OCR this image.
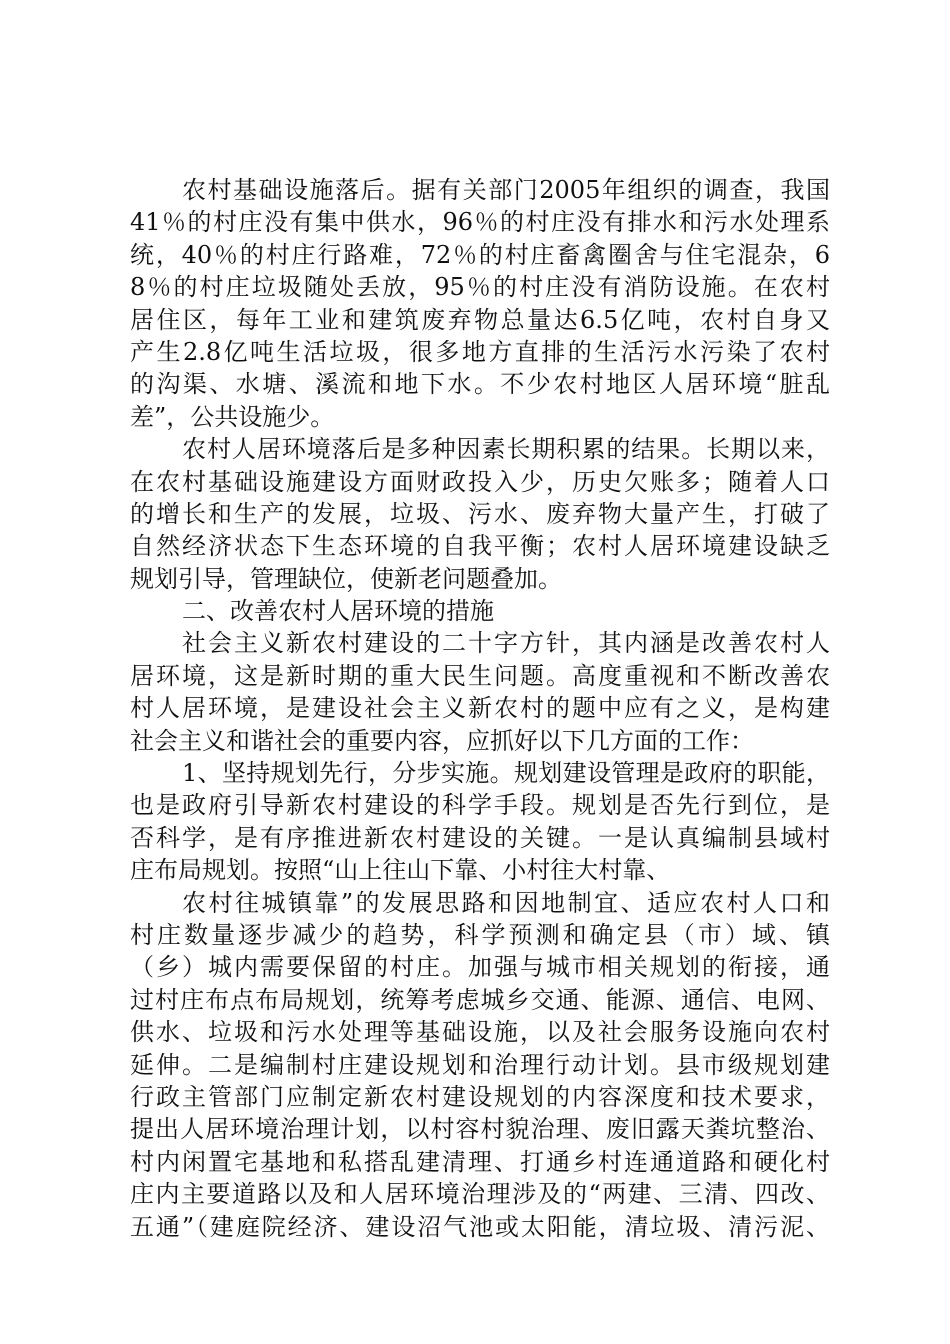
农村基础设施落后。据有关部门2005年组织的调查，我国
41％的村庄没有集中供水，96％的村庄没有排水和污水处理系
统，40％的村庄行路难，72％的村庄畜禽圈舍与住宅混杂，6
8％的村庄垃圾随处丢放，95％的村庄没有消防设施。在农村
居住区，每年工业和建筑废弃物总量达6.5亿吨，农村自身又
产生2.8亿吨生活垃圾，很多地方直排的生活污水污染了农村
的沟渠、水塘、溪流和地下水。不少农村地区人居环境“脏乱
差”，公共设施少。
农村人居环境落后是多种因素长期积累的结果。长期以来，
在农村基础设施建设方面财政投入少，历史欠账多；随着人口
的增长和生产的发展，垃圾、污水、废弃物大量产生，打破了
自然经济状态下生态环境的自我平衡；农村人居环境建设缺乏
规划引导，管理缺位，使新老问题叠加。
二、改善农村人居环境的措施
社会主义新农村建设的二十字方针，其内涵是改善农村人
居环境，这是新时期的重大民生问题。高度重视和不断改善农
村人居环境，是建设社会主义新农村的题中应有之义，是构建
社会主义和谐社会的重要内容，应抓好以下几方面的工作：
1、坚持规划先行，分步实施。规划建设管理是政府的职能，
也是政府引导新农村建设的科学手段。规划是否先行到位，是
否科学，是有序推进新农村建设的关键。一是认真编制县域村
庄布局规划。按照“山上往山下靠、小村往大村靠、
农村往城镇靠”的发展思路和因地制宜、适应农村人口和
村庄数量逐步减少的趋势，科学预测和确定县（市）域、镇
（乡）城内需要保留的村庄。加强与城市相关规划的衔接，通
过村庄布点布局规划，统筹考虑城乡交通、能源、通信、电网、
供水、垃圾和污水处理等基础设施，以及社会服务设施向农村
延伸。二是编制村庄建设规划和治理行动计划。县市级规划建
行政主管部门应制定新农村建设规划的内容深度和技术要求，
提出人居环境治理计划，以村容村貌治理、废旧露天粪坑整治、
村内闲置宅基地和私搭乱建清理、打通乡村连通道路和硬化村
庄内主要道路以及和人居环境治理涉及的“两建、三清、四改、
五通”（建庭院经济、建设沼气池或太阳能，清垃圾、清污泥、
